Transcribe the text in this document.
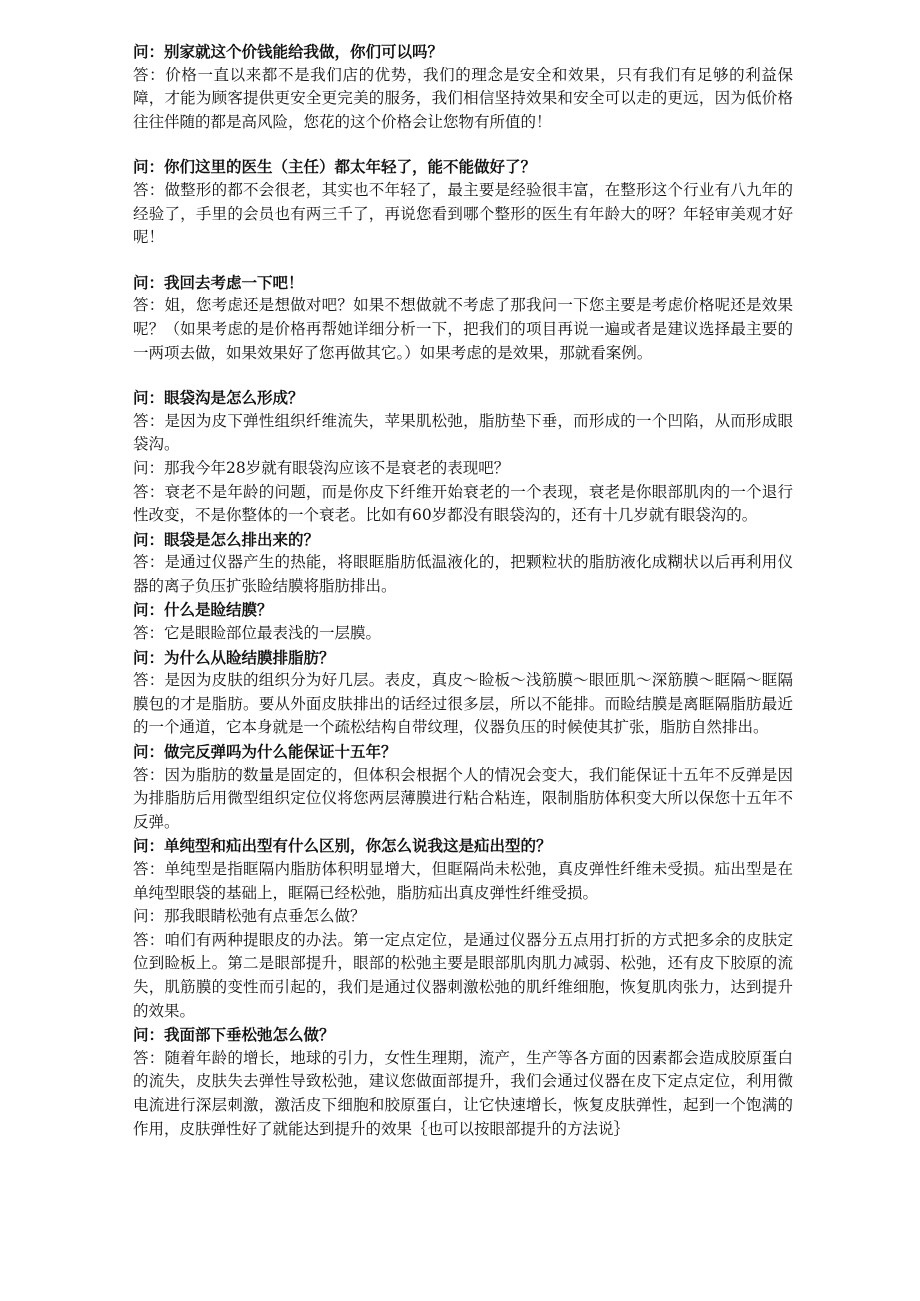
问：别家就这个价钱能给我做，你们可以吗？

答：价格一直以来都不是我们店的优势，我们的理念是安全和效果，只有我们有足够的利益保障，才能为顾客提供更安全更完美的服务，我们相信坚持效果和安全可以走的更远，因为低价格往往伴随的都是高风险，您花的这个价格会让您物有所值的！

问：你们这里的医生（主任）都太年轻了，能不能做好了？

答：做整形的都不会很老，其实也不年轻了，最主要是经验很丰富，在整形这个行业有八九年的经验了，手里的会员也有两三千了，再说您看到哪个整形的医生有年龄大的呀？年轻审美观才好呢！

问：我回去考虑一下吧！

答：姐，您考虑还是想做对吧？如果不想做就不考虑了那我问一下您主要是考虑价格呢还是效果呢？（如果考虑的是价格再帮她详细分析一下，把我们的项目再说一遍或者是建议选择最主要的一两项去做，如果效果好了您再做其它。）如果考虑的是效果，那就看案例。

问：眼袋沟是怎么形成？

答：是因为皮下弹性组织纤维流失，苹果肌松弛，脂肪垫下垂，而形成的一个凹陷，从而形成眼袋沟。

问：那我今年28岁就有眼袋沟应该不是衰老的表现吧？

答：衰老不是年龄的问题，而是你皮下纤维开始衰老的一个表现，衰老是你眼部肌肉的一个退行性改变，不是你整体的一个衰老。比如有60岁都没有眼袋沟的，还有十几岁就有眼袋沟的。

问：眼袋是怎么排出来的？

答：是通过仪器产生的热能，将眼眶脂肪低温液化的，把颗粒状的脂肪液化成糊状以后再利用仪器的离子负压扩张睑结膜将脂肪排出。

问：什么是睑结膜？

答：它是眼睑部位最表浅的一层膜。

问：为什么从睑结膜排脂肪？

答：是因为皮肤的组织分为好几层。表皮，真皮～睑板～浅筋膜～眼匝肌～深筋膜～眶隔～眶隔膜包的才是脂肪。要从外面皮肤排出的话经过很多层，所以不能排。而睑结膜是离眶隔脂肪最近的一个通道，它本身就是一个疏松结构自带纹理，仪器负压的时候使其扩张，脂肪自然排出。

问：做完反弹吗为什么能保证十五年？

答：因为脂肪的数量是固定的，但体积会根据个人的情况会变大，我们能保证十五年不反弹是因为排脂肪后用微型组织定位仪将您两层薄膜进行粘合粘连，限制脂肪体积变大所以保您十五年不反弹。

问：单纯型和疝出型有什么区别，你怎么说我这是疝出型的？

答：单纯型是指眶隔内脂肪体积明显增大，但眶隔尚未松弛，真皮弹性纤维未受损。疝出型是在单纯型眼袋的基础上，眶隔已经松弛，脂肪疝出真皮弹性纤维受损。

问：那我眼睛松弛有点垂怎么做？

答：咱们有两种提眼皮的办法。第一定点定位，是通过仪器分五点用打折的方式把多余的皮肤定位到睑板上。第二是眼部提升，眼部的松弛主要是眼部肌肉肌力减弱、松弛，还有皮下胶原的流失，肌筋膜的变性而引起的，我们是通过仪器刺激松弛的肌纤维细胞，恢复肌肉张力，达到提升的效果。

问：我面部下垂松弛怎么做？

答：随着年龄的增长，地球的引力，女性生理期，流产，生产等各方面的因素都会造成胶原蛋白的流失，皮肤失去弹性导致松弛，建议您做面部提升，我们会通过仪器在皮下定点定位，利用微电流进行深层刺激，激活皮下细胞和胶原蛋白，让它快速增长，恢复皮肤弹性，起到一个饱满的作用，皮肤弹性好了就能达到提升的效果｛也可以按眼部提升的方法说｝
